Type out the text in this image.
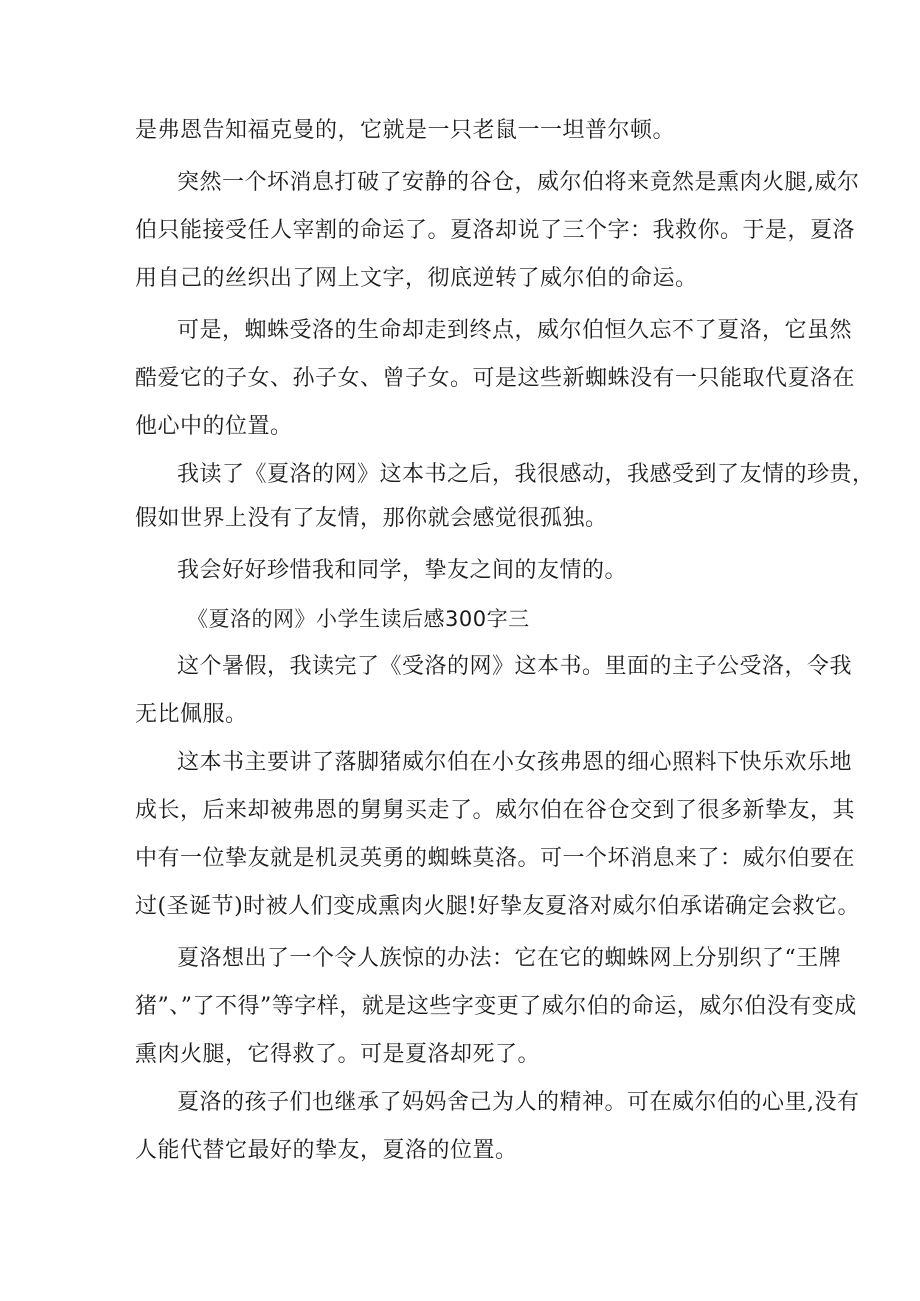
是弗恩告知福克曼的，它就是一只老鼠一一坦普尔顿。
突然一个坏消息打破了安静的谷仓，威尔伯将来竟然是熏肉火腿,威尔
伯只能接受任人宰割的命运了。夏洛却说了三个字：我救你。于是，夏洛
用自己的丝织出了网上文字，彻底逆转了威尔伯的命运。
可是，蜘蛛受洛的生命却走到终点，威尔伯恒久忘不了夏洛，它虽然
酷爱它的子女、孙子女、曾子女。可是这些新蜘蛛没有一只能取代夏洛在
他心中的位置。
我读了《夏洛的网》这本书之后，我很感动，我感受到了友情的珍贵，
假如世界上没有了友情，那你就会感觉很孤独。
我会好好珍惜我和同学，挚友之间的友情的。
《夏洛的网》小学生读后感300字三
这个暑假，我读完了《受洛的网》这本书。里面的主子公受洛，令我
无比佩服。
这本书主要讲了落脚猪威尔伯在小女孩弗恩的细心照料下快乐欢乐地
成长，后来却被弗恩的舅舅买走了。威尔伯在谷仓交到了很多新挚友，其
中有一位挚友就是机灵英勇的蜘蛛莫洛。可一个坏消息来了：威尔伯要在
过(圣诞节)时被人们变成熏肉火腿!好挚友夏洛对威尔伯承诺确定会救它。
夏洛想出了一个令人族惊的办法：它在它的蜘蛛网上分别织了“王牌
猪”、”了不得”等字样，就是这些字变更了威尔伯的命运，威尔伯没有变成
熏肉火腿，它得救了。可是夏洛却死了。
夏洛的孩子们也继承了妈妈舍己为人的精神。可在威尔伯的心里,没有
人能代替它最好的挚友，夏洛的位置。
